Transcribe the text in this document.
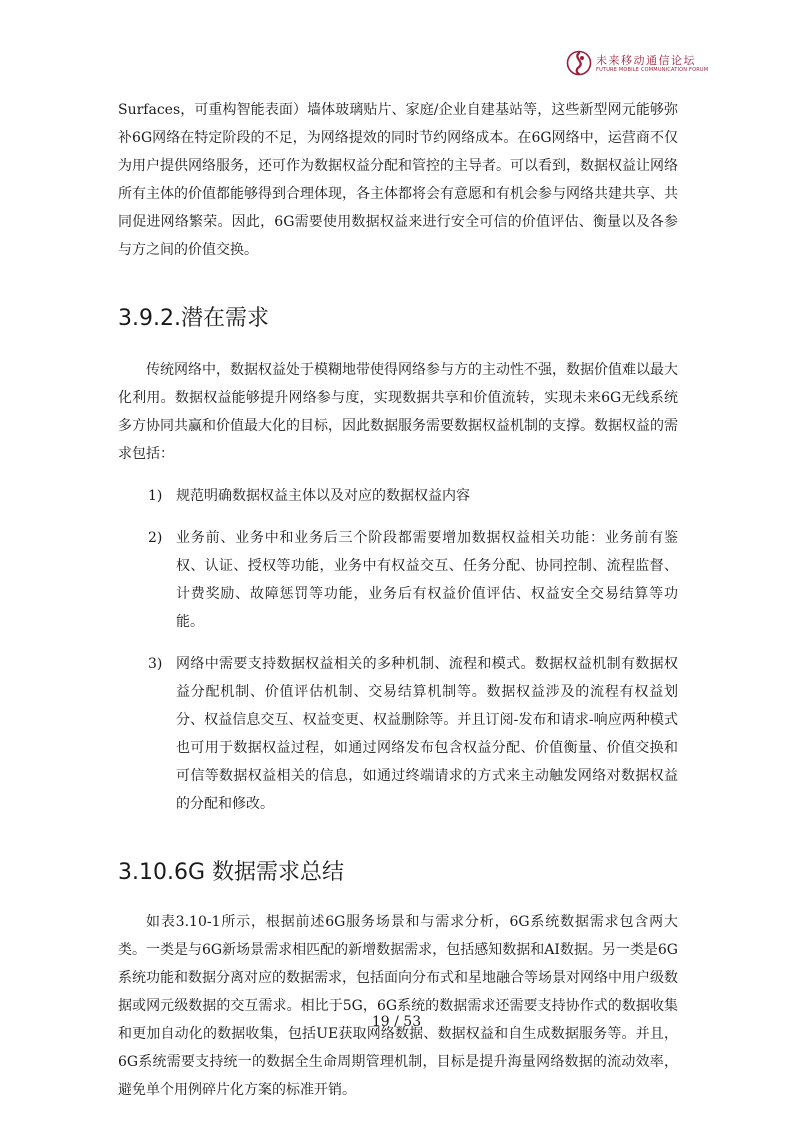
未来移动通信论坛
FUTURE MOBILE COMMUNICATION FORUM

Surfaces，可重构智能表面）墙体玻璃贴片、家庭/企业自建基站等，这些新型网元能够弥补6G网络在特定阶段的不足，为网络提效的同时节约网络成本。在6G网络中，运营商不仅为用户提供网络服务，还可作为数据权益分配和管控的主导者。可以看到，数据权益让网络所有主体的价值都能够得到合理体现，各主体都将会有意愿和有机会参与网络共建共享、共同促进网络繁荣。因此，6G需要使用数据权益来进行安全可信的价值评估、衡量以及各参与方之间的价值交换。

3.9.2.潜在需求

传统网络中，数据权益处于模糊地带使得网络参与方的主动性不强，数据价值难以最大化利用。数据权益能够提升网络参与度，实现数据共享和价值流转，实现未来6G无线系统多方协同共赢和价值最大化的目标，因此数据服务需要数据权益机制的支撑。数据权益的需求包括：

1) 规范明确数据权益主体以及对应的数据权益内容
2) 业务前、业务中和业务后三个阶段都需要增加数据权益相关功能：业务前有鉴权、认证、授权等功能，业务中有权益交互、任务分配、协同控制、流程监督、计费奖励、故障惩罚等功能，业务后有权益价值评估、权益安全交易结算等功能。
3) 网络中需要支持数据权益相关的多种机制、流程和模式。数据权益机制有数据权益分配机制、价值评估机制、交易结算机制等。数据权益涉及的流程有权益划分、权益信息交互、权益变更、权益删除等。并且订阅-发布和请求-响应两种模式也可用于数据权益过程，如通过网络发布包含权益分配、价值衡量、价值交换和可信等数据权益相关的信息，如通过终端请求的方式来主动触发网络对数据权益的分配和修改。
3.10.6G 数据需求总结

如表3.10-1所示，根据前述6G服务场景和与需求分析，6G系统数据需求包含两大类。一类是与6G新场景需求相匹配的新增数据需求，包括感知数据和AI数据。另一类是6G系统功能和数据分离对应的数据需求，包括面向分布式和星地融合等场景对网络中用户级数据或网元级数据的交互需求。相比于5G，6G系统的数据需求还需要支持协作式的数据收集和更加自动化的数据收集，包括UE获取网络数据、数据权益和自生成数据服务等。并且，6G系统需要支持统一的数据全生命周期管理机制，目标是提升海量网络数据的流动效率，避免单个用例碎片化方案的标准开销。

19 / 53
